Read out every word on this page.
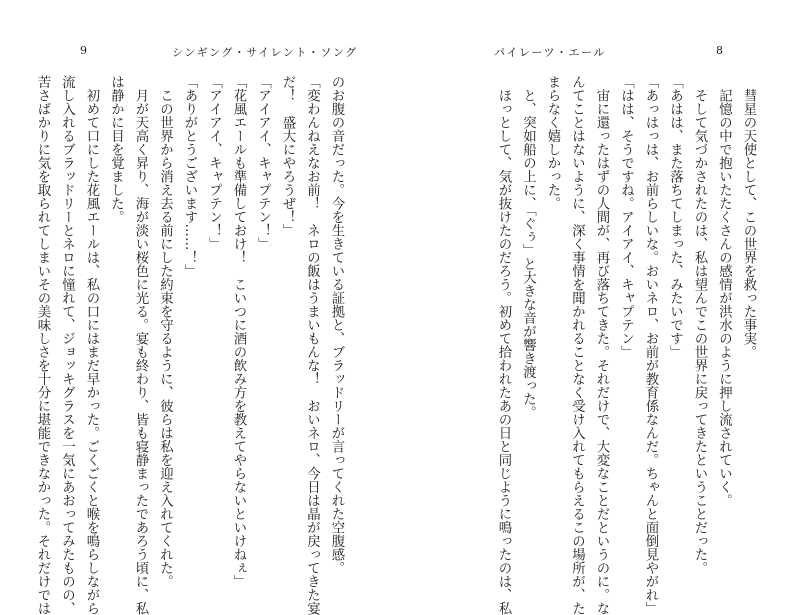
9	シンギング・サイレント・ソング
のお腹の音だった。今を生きている証拠と、ブラッドリーが言ってくれた空腹感。
「変わんねえなお前！　ネロの飯はうまいもんな！　おいネロ、今日は晶が戻ってきた宴
だ！　盛大にやろうぜ！」
「アイアイ、キャプテン！」
「花風エールも準備しておけ！　こいつに酒の飲み方を教えてやらないといけねぇ」
「アイアイ、キャプテン！」
「ありがとうございます……！」
　この世界から消え去る前にした約束を守るように、彼らは私を迎え入れてくれた。
　月が天高く昇り、海が淡い桜色に光る。宴も終わり、皆も寝静まったであろう頃に、私
は静かに目を覚ました。
　初めて口にした花風エールは、私の口にはまだ早かった。ごくごくと喉を鳴らしながら
流し入れるブラッドリーとネロに憧れて、ジョッキグラスを一気にあおってみたものの、
苦さばかりに気を取られてしまいその美味しさを十分に堪能できなかった。それだけでは
パイレーツ・エール	8
　彗星の天使として、この世界を救った事実。
　記憶の中で抱いたたくさんの感情が洪水のように押し流されていく。
　そして気づかされたのは、私は望んでこの世界に戻ってきたということだった。
「あはは、また落ちてしまった、みたいです」
「あっはっは、お前らしいな。おいネロ、お前が教育係なんだ。ちゃんと面倒見やがれ」
「はは、そうですね。アイアイ、キャプテン」
　宙に還ったはずの人間が、再び落ちてきた。それだけで、大変なことだというのに。な
んてことはないように、深く事情を聞かれることなく受け入れてもらえるこの場所が、た
まらなく嬉しかった。
　と、突如船の上に、「ぐぅ」と大きな音が響き渡った。
　ほっとして、気が抜けたのだろう。初めて拾われたあの日と同じように鳴ったのは、私
